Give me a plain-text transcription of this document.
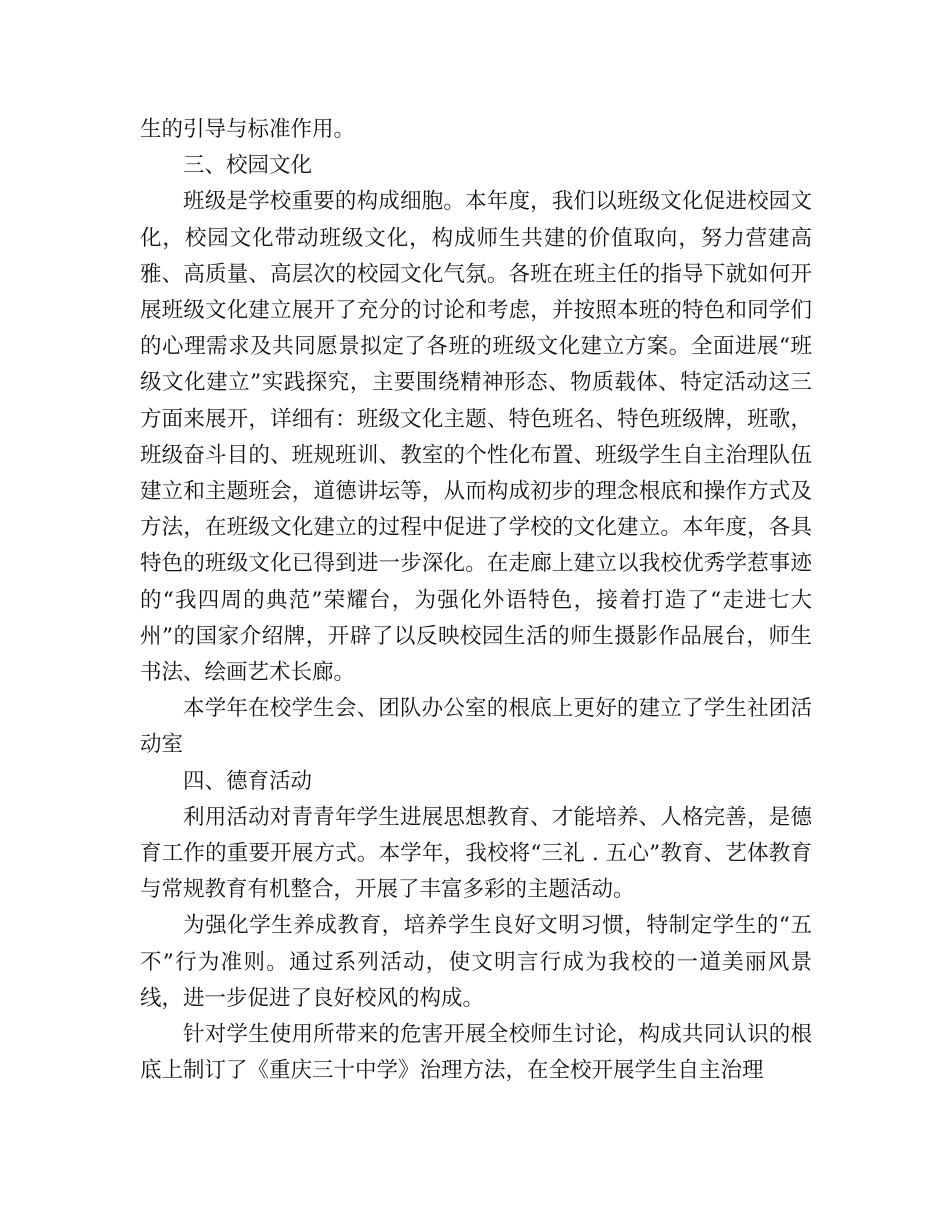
生的引导与标准作用。

三、校园文化

班级是学校重要的构成细胞。本年度，我们以班级文化促进校园文化，校园文化带动班级文化，构成师生共建的价值取向，努力营建高雅、高质量、高层次的校园文化气氛。各班在班主任的指导下就如何开展班级文化建立展开了充分的讨论和考虑，并按照本班的特色和同学们的心理需求及共同愿景拟定了各班的班级文化建立方案。全面进展“班级文化建立”实践探究，主要围绕精神形态、物质载体、特定活动这三方面来展开，详细有：班级文化主题、特色班名、特色班级牌，班歌，班级奋斗目的、班规班训、教室的个性化布置、班级学生自主治理队伍建立和主题班会，道德讲坛等，从而构成初步的理念根底和操作方式及方法，在班级文化建立的过程中促进了学校的文化建立。本年度，各具特色的班级文化已得到进一步深化。在走廊上建立以我校优秀学惹事迹的“我四周的典范”荣耀台，为强化外语特色，接着打造了“走进七大州”的国家介绍牌，开辟了以反映校园生活的师生摄影作品展台，师生书法、绘画艺术长廊。

本学年在校学生会、团队办公室的根底上更好的建立了学生社团活动室

四、德育活动

利用活动对青青年学生进展思想教育、才能培养、人格完善，是德育工作的重要开展方式。本学年，我校将“三礼 . 五心”教育、艺体教育与常规教育有机整合，开展了丰富多彩的主题活动。

为强化学生养成教育，培养学生良好文明习惯，特制定学生的“五不”行为准则。通过系列活动，使文明言行成为我校的一道美丽风景线，进一步促进了良好校风的构成。

针对学生使用所带来的危害开展全校师生讨论，构成共同认识的根底上制订了《重庆三十中学》治理方法，在全校开展学生自主治理
